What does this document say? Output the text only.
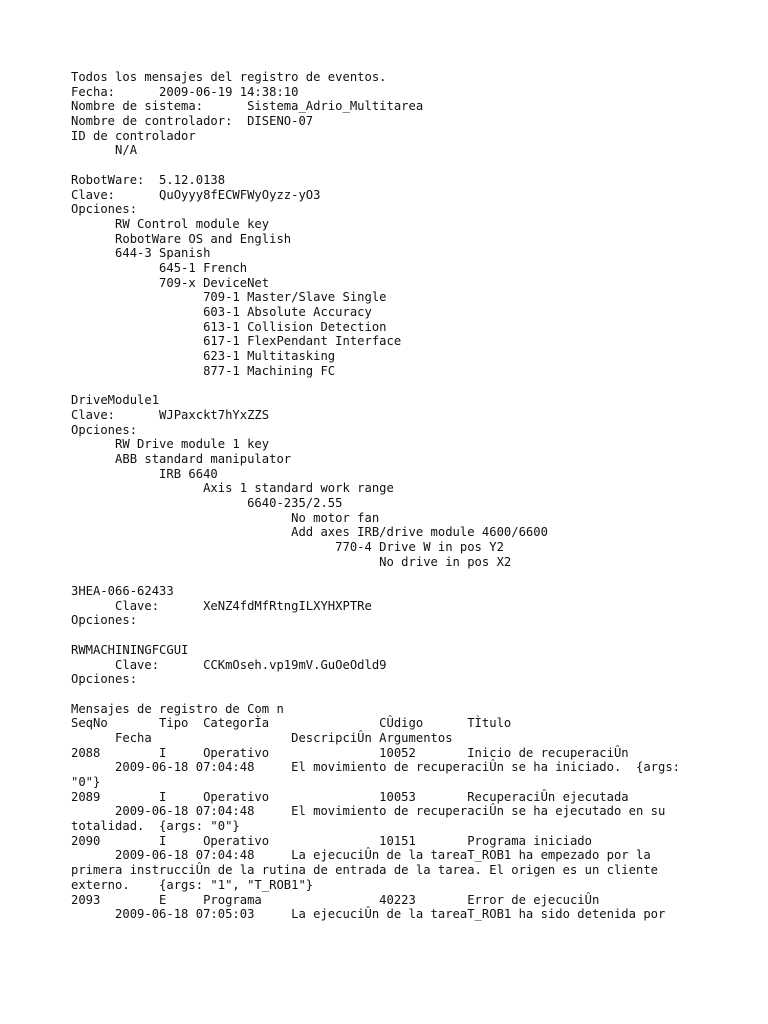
Todos los mensajes del registro de eventos.
Fecha:      2009-06-19 14:38:10
Nombre de sistema:      Sistema_Adrio_Multitarea
Nombre de controlador:  DISENO-07
ID de controlador
N/A
RobotWare:  5.12.0138
Clave:      QuOyyy8fECWFWyOyzz-yO3
Opciones:
RW Control module key
RobotWare OS and English
644-3 Spanish
645-1 French
709-x DeviceNet
709-1 Master/Slave Single
603-1 Absolute Accuracy
613-1 Collision Detection
617-1 FlexPendant Interface
623-1 Multitasking
877-1 Machining FC
DriveModule1
Clave:      WJPaxckt7hYxZZS
Opciones:
RW Drive module 1 key
ABB standard manipulator
IRB 6640
Axis 1 standard work range
6640-235/2.55
No motor fan
Add axes IRB/drive module 4600/6600
770-4 Drive W in pos Y2
No drive in pos X2
3HEA-066-62433
Clave:      XeNZ4fdMfRtngILXYHXPTRe
Opciones:
RWMACHININGFCGUI
Clave:      CCKmOseh.vp19mV.GuOeOdld9
Opciones:
Mensajes de registro de Com n
SeqNo       Tipo  CategorÌa               CÛdigo      TÌtulo
Fecha                   DescripciÛn Argumentos
2088        I     Operativo               10052       Inicio de recuperaciÛn
2009-06-18 07:04:48     El movimiento de recuperaciÛn se ha iniciado.  {args:
"0"}
2089        I     Operativo               10053       RecuperaciÛn ejecutada
2009-06-18 07:04:48     El movimiento de recuperaciÛn se ha ejecutado en su
totalidad.  {args: "0"}
2090        I     Operativo               10151       Programa iniciado
2009-06-18 07:04:48     La ejecuciÛn de la tareaT_ROB1 ha empezado por la
primera instrucciÛn de la rutina de entrada de la tarea. El origen es un cliente
externo.    {args: "1", "T_ROB1"}
2093        E     Programa                40223       Error de ejecuciÛn
2009-06-18 07:05:03     La ejecuciÛn de la tareaT_ROB1 ha sido detenida por
